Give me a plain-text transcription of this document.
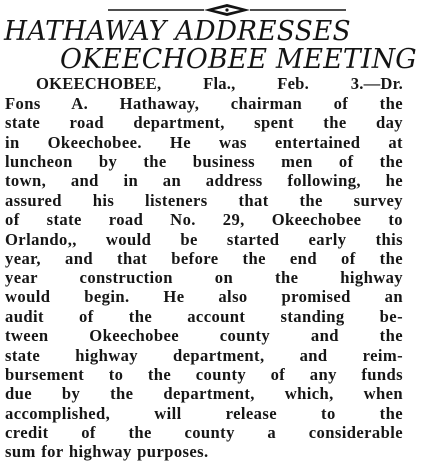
HATHAWAY ADDRESSES
OKEECHOBEE MEETING
OKEECHOBEE, Fla., Feb. 3.—Dr.
Fons A. Hathaway, chairman of the
state road department, spent the day
in Okeechobee. He was entertained at
luncheon by the business men of the
town, and in an address following, he
assured his listeners that the survey
of state road No. 29, Okeechobee to
Orlando,, would be started early this
year, and that before the end of the
year construction on the highway
would begin. He also promised an
audit of the account standing be-
tween Okeechobee county and the
state highway department, and reim-
bursement to the county of any funds
due by the department, which, when
accomplished, will release to the
credit of the county a considerable
sum for highway purposes.
